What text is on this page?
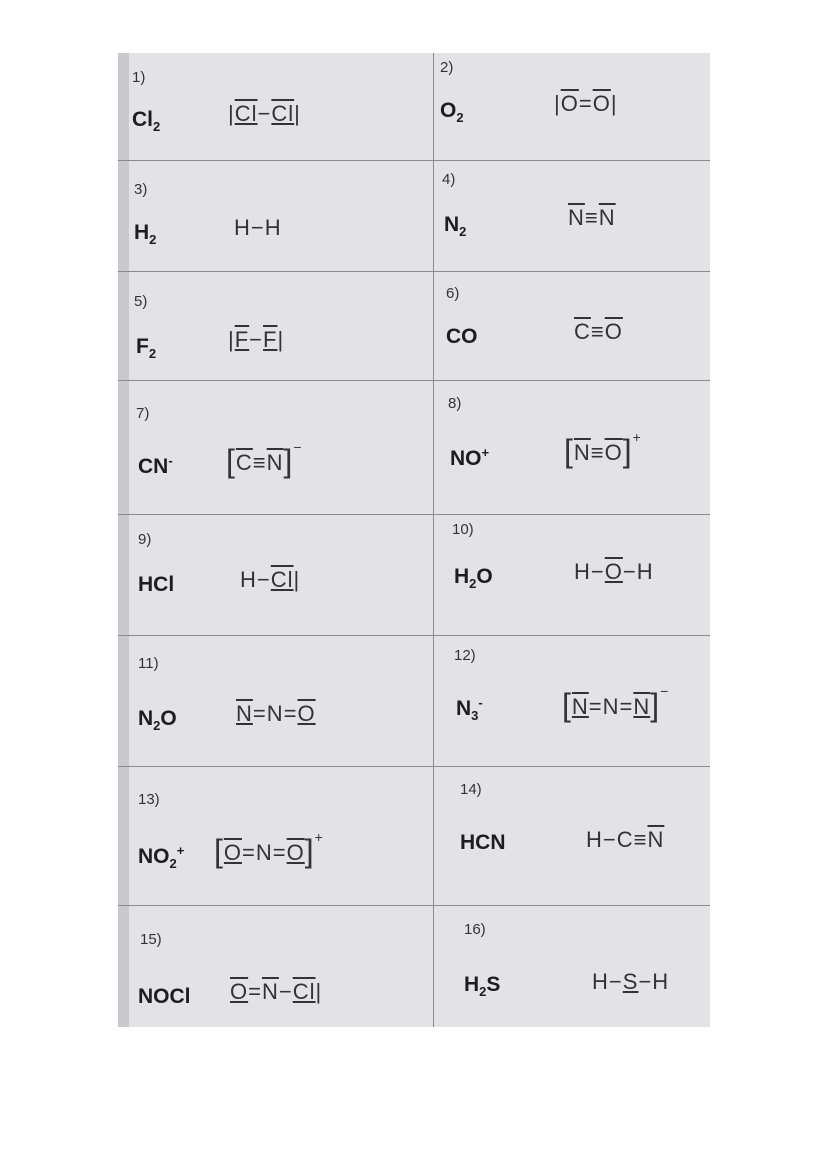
1)
$Cl_2$
|Cl−Cl|
2)
$O_2$
$|\overline{O}=\overline{O}|$
3)
$H_2$	H−H
4)
$N_2$
$\overline{N}\equiv\overline{N}$
5)
$F_2$
|F−F|
6)
CO	$\overline{C}\equiv\overline{O}$
7)
CN- $[\overline{C}\equiv\overline{N}]^-$
8)
NO+ $[\overline{N}\equiv\overline{O}]^+$
9)
HCl	H−Cl|
10)
$H_2O$	H−O−H
11)
$N_2O$	N=N=O
12)
$N_3^-$ [N=N=N]−
13)
$NO_2^+$ [O=N=O]+
14)
HCN	$H-C\equiv\overline{N}$
15)
NOCl $O=\overline{N}-Cl|$
16)
$H_2S$	H−S−H
